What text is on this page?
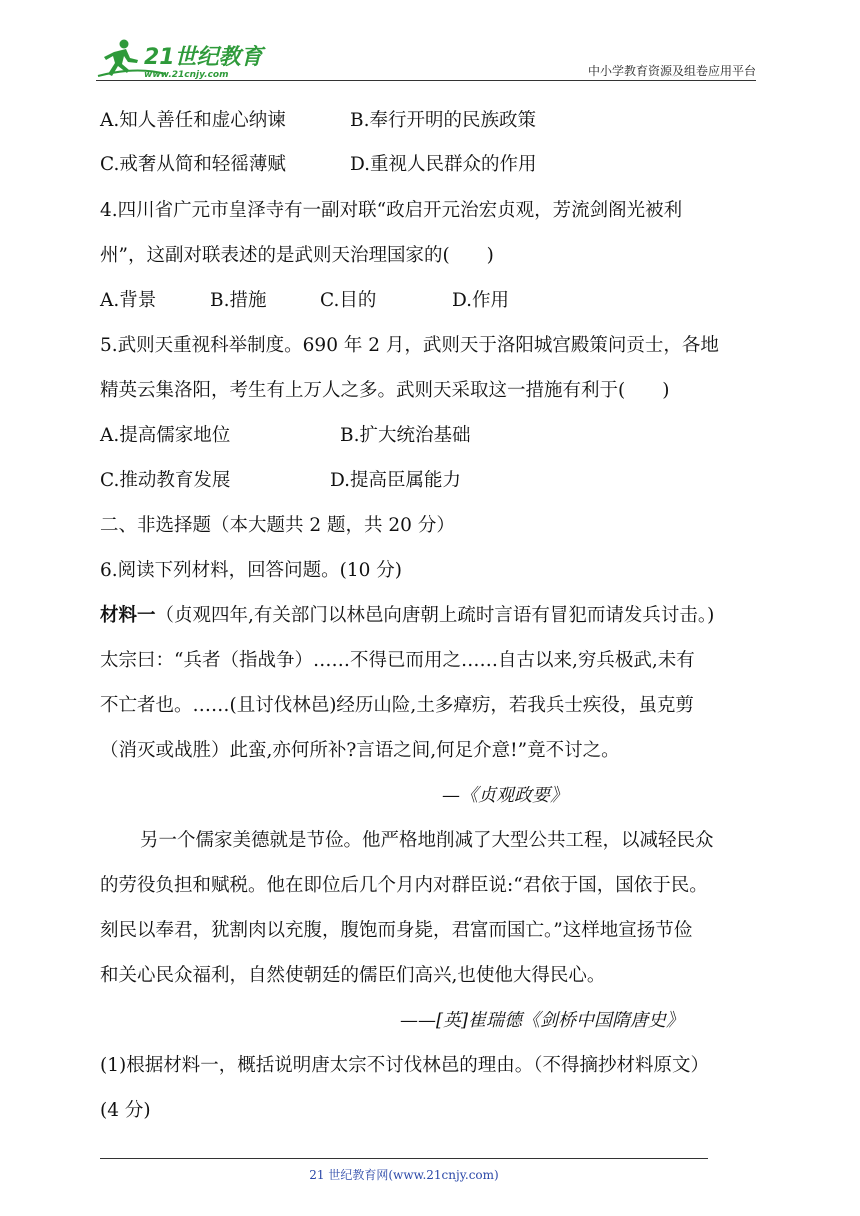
21世纪教育
www.21cnjy.com	中小学教育资源及组卷应用平台
A.知人善任和虚心纳谏	B.奉行开明的民族政策
C.戒奢从简和轻徭薄赋	D.重视人民群众的作用
4.四川省广元市皇泽寺有一副对联“政启开元治宏贞观，芳流剑阁光被利
州”，这副对联表述的是武则天治理国家的(　　)
A.背景	B.措施	C.目的	D.作用
5.武则天重视科举制度。690 年 2 月，武则天于洛阳城宫殿策问贡士，各地
精英云集洛阳，考生有上万人之多。武则天采取这一措施有利于(　　)
A.提高儒家地位	B.扩大统治基础
C.推动教育发展	D.提高臣属能力
二、非选择题（本大题共 2 题，共 20 分）
6.阅读下列材料，回答问题。(10 分)
材料一（贞观四年,有关部门以林邑向唐朝上疏时言语有冒犯而请发兵讨击。)
太宗曰：“兵者（指战争）……不得已而用之……自古以来,穷兵极武,未有
不亡者也。……(且讨伐林邑)经历山险,土多瘴疠，若我兵士疾役，虽克剪
（消灭或战胜）此蛮,亦何所补?言语之间,何足介意!”竟不讨之。
—《贞观政要》
另一个儒家美德就是节俭。他严格地削减了大型公共工程，以减轻民众
的劳役负担和赋税。他在即位后几个月内对群臣说:“君依于国，国依于民。
刻民以奉君，犹割肉以充腹，腹饱而身毙，君富而国亡。”这样地宣扬节俭
和关心民众福利，自然使朝廷的儒臣们高兴,也使他大得民心。
——[英]崔瑞德《剑桥中国隋唐史》
(1)根据材料一，概括说明唐太宗不讨伐林邑的理由。（不得摘抄材料原文）
(4 分)
21 世纪教育网(www.21cnjy.com)
